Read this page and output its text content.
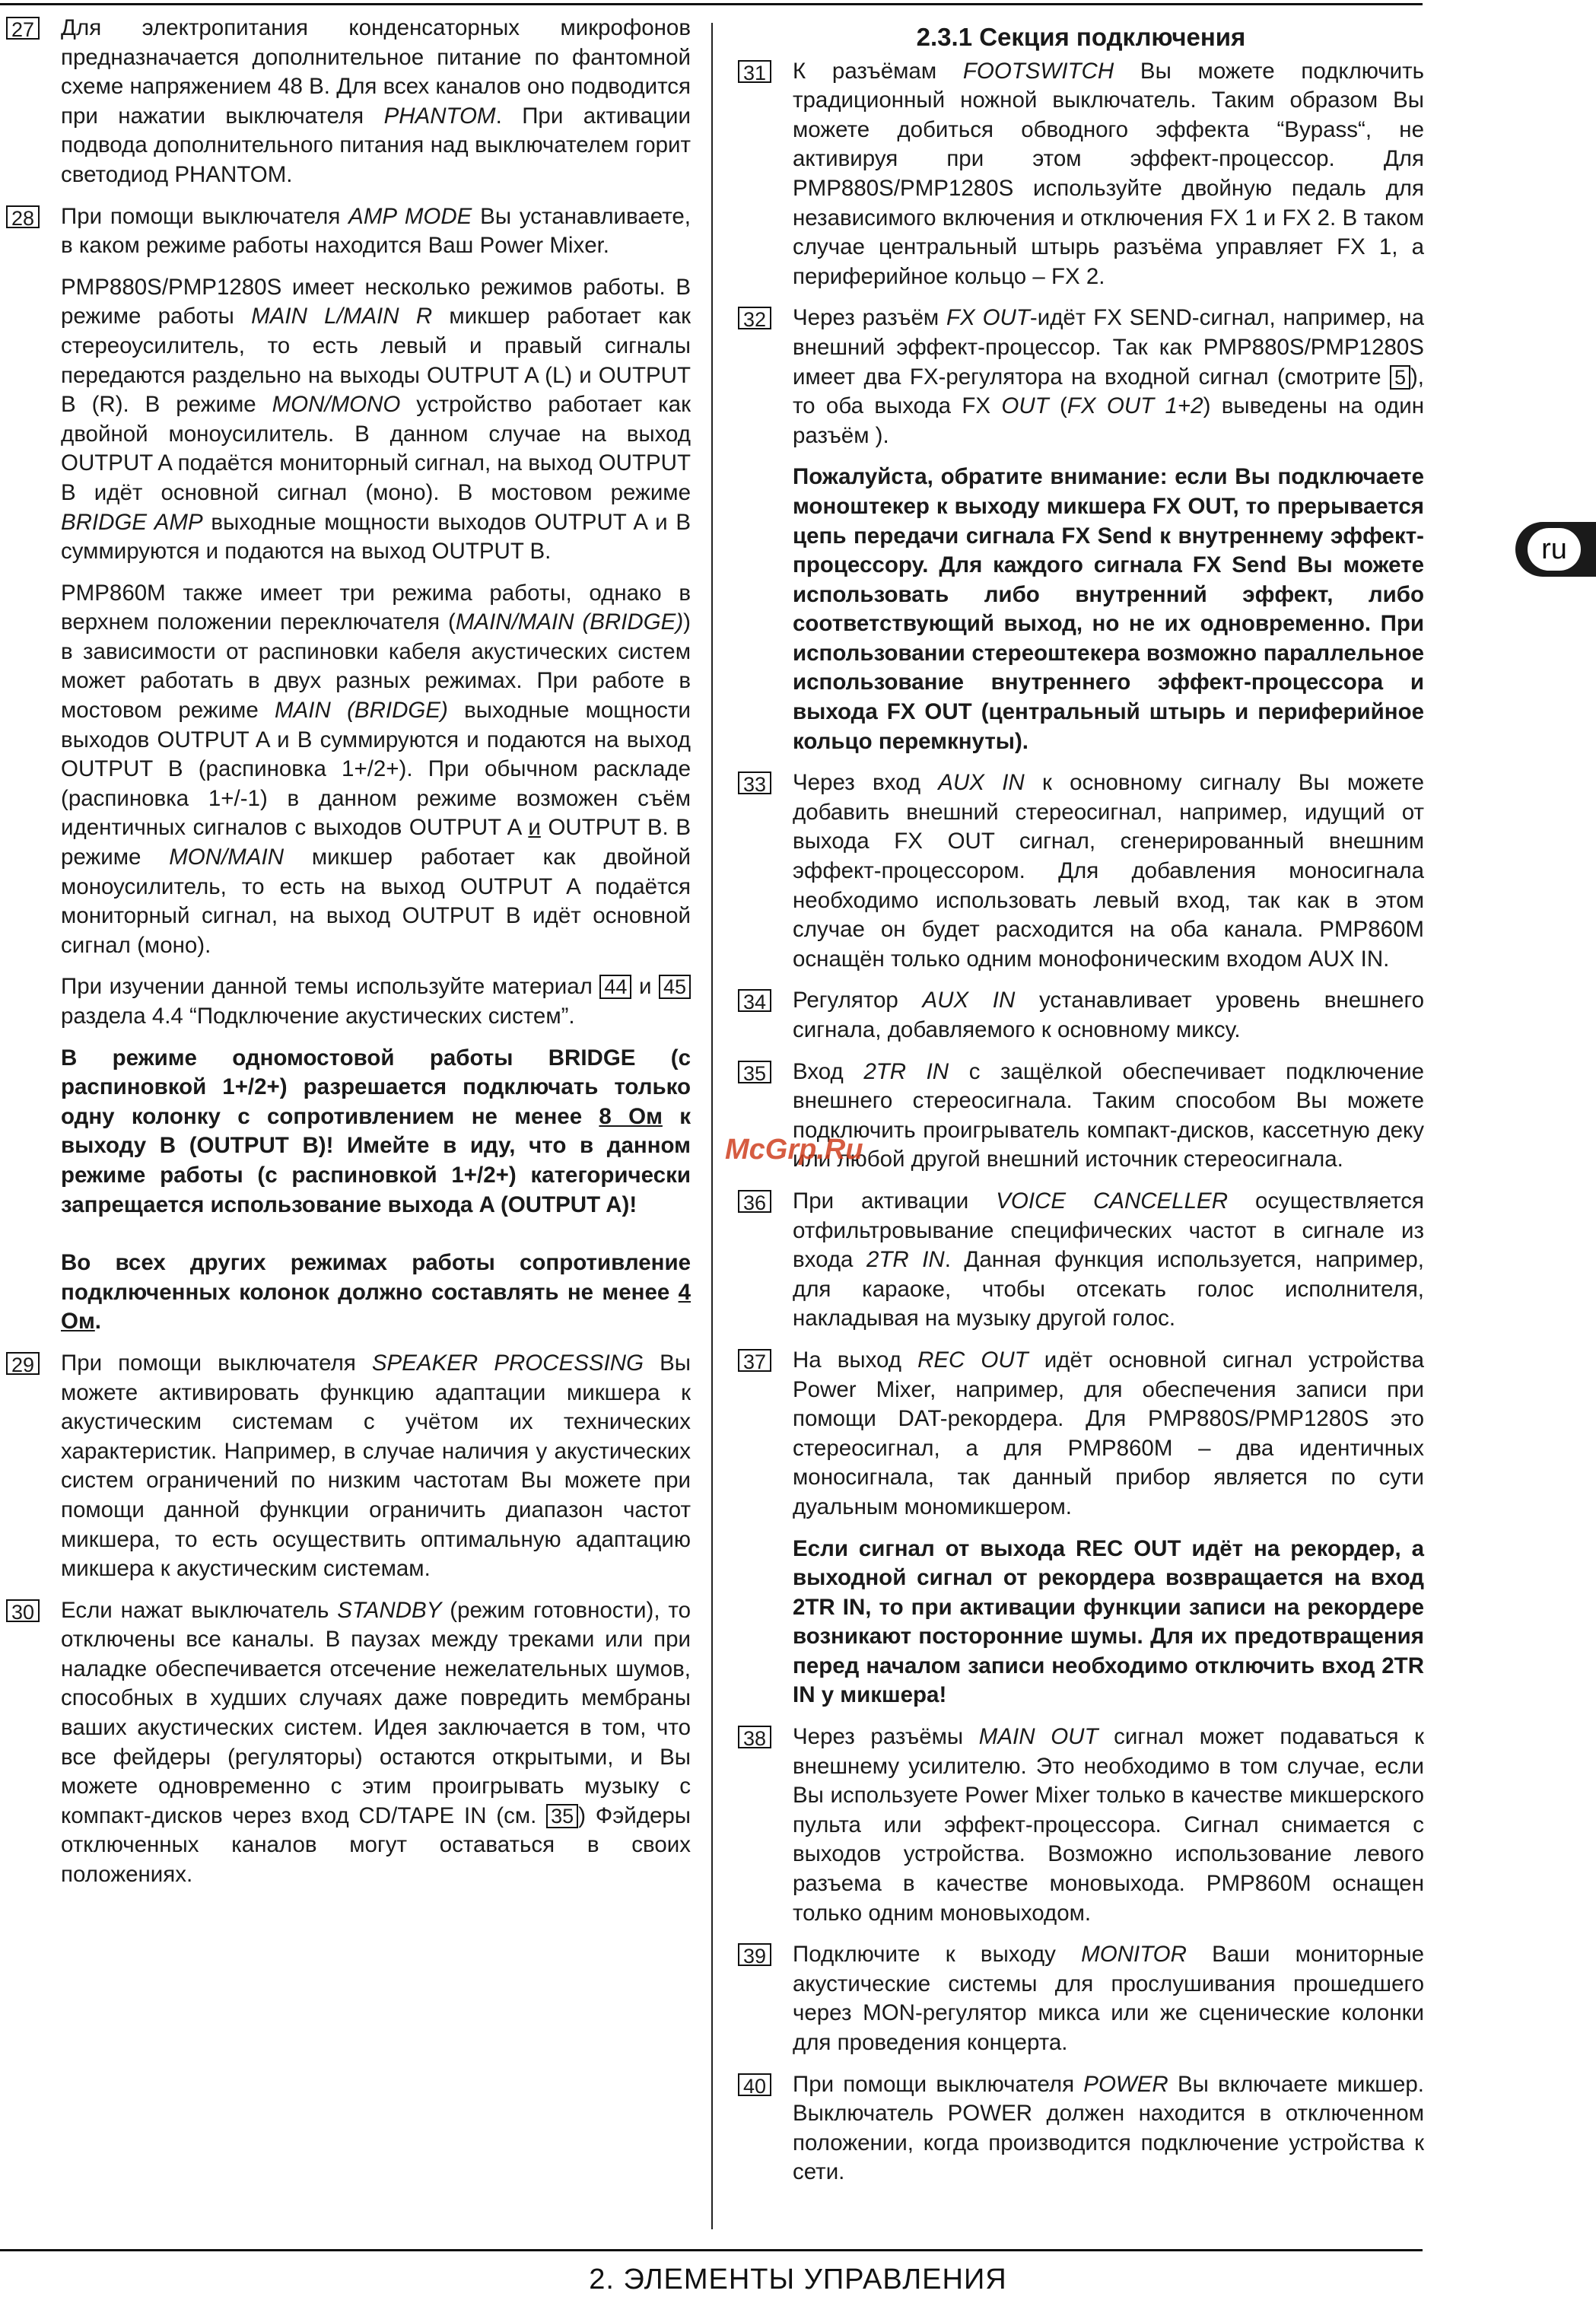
ru
27 Для электропитания конденсаторных микрофонов предназначается дополнительное питание по фантомной схеме напряжением 48 В. Для всех каналов оно подводится при нажатии выключателя PHANTOM. При активации подвода дополнительного питания над выключателем горит светодиод PHANTOM.
28 При помощи выключателя AMP MODE Вы устанавливаете, в каком режиме работы находится Ваш Power Mixer.

PMP880S/PMP1280S имеет несколько режимов работы. В режиме работы MAIN L/MAIN R микшер работает как стереоусилитель, то есть левый и правый сигналы передаются раздельно на выходы OUTPUT A (L) и OUTPUT B (R). В режиме MON/MONO устройство работает как двойной моноусилитель. В данном случае на выход OUTPUT A подаётся мониторный сигнал, на выход OUTPUT B идёт основной сигнал (моно). В мостовом режиме BRIDGE AMP выходные мощности выходов OUTPUT A и B суммируются и подаются на выход OUTPUT B.

PMP860M также имеет три режима работы, однако в верхнем положении переключателя (MAIN/MAIN (BRIDGE)) в зависимости от распиновки кабеля акустических систем может работать в двух разных режимах. При работе в мостовом режиме MAIN (BRIDGE) выходные мощности выходов OUTPUT A и B суммируются и подаются на выход OUTPUT B (распиновка 1+/2+). При обычном раскладе (распиновка 1+/-1) в данном режиме возможен съём идентичных сигналов с выходов OUTPUT A и OUTPUT B. В режиме MON/MAIN микшер работает как двойной моноусилитель, то есть на выход OUTPUT A подаётся мониторный сигнал, на выход OUTPUT B идёт основной сигнал (моно).

При изучении данной темы используйте материал 44 и 45 раздела 4.4 “Подключение акустических систем”.

В режиме одномостовой работы BRIDGE (с распиновкой 1+/2+) разрешается подключать только одну колонку с сопротивлением не менее 8 Ом к выходу B (OUTPUT B)! Имейте в иду, что в данном режиме работы (с распиновкой 1+/2+) категорически запрещается использование выхода A (OUTPUT A)!

Во всех других режимах работы сопротивление подключенных колонок должно составлять не менее 4 Ом.

29 При помощи выключателя SPEAKER PROCESSING Вы можете активировать функцию адаптации микшера к акустическим системам с учётом их технических характеристик. Например, в случае наличия у акустических систем ограничений по низким частотам Вы можете при помощи данной функции ограничить диапазон частот микшера, то есть осуществить оптимальную адаптацию микшера к акустическим системам.
30 Если нажат выключатель STANDBY (режим готовности), то отключены все каналы. В паузах между треками или при наладке обеспечивается отсечение нежелательных шумов, способных в худших случаях даже повредить мембраны ваших акустических систем. Идея заключается в том, что все фейдеры (регуляторы) остаются открытыми, и Вы можете одновременно с этим проигрывать музыку с компакт-дисков через вход CD/TAPE IN (см. 35 ) Фэйдеры отключенных каналов могут оставаться в своих положениях.
2.3.1 Секция подключения
31 К разъёмам FOOTSWITCH Вы можете подключить традиционный ножной выключатель. Таким образом Вы можете добиться обводного эффекта “Bypass“, не активируя при этом эффект-процессор. Для PMP880S/PMP1280S используйте двойную педаль для независимого включения и отключения FX 1 и FX 2. В таком случае центральный штырь разъёма управляет FX 1, а периферийное кольцо – FX 2.
32 Через разъём FX OUT-идёт FX SEND-сигнал, например, на внешний эффект-процессор. Так как PMP880S/PMP1280S имеет два FX-регулятора на входной сигнал (смотрите 5 ), то оба выхода FX OUT (FX OUT 1+2) выведены на один разъём ).

Пожалуйста, обратите внимание: если Вы подключаете моноштекер к выходу микшера FX OUT, то прерывается цепь передачи сигнала FX Send к внутреннему эффект-процессору. Для каждого сигнала FX Send Вы можете использовать либо внутренний эффект, либо соответствующий выход, но не их одновременно. При использовании стереоштекера возможно параллельное использование внутреннего эффект-процессора и выхода FX OUT (центральный штырь и периферийное кольцо перемкнуты).

33 Через вход AUX IN к основному сигналу Вы можете добавить внешний стереосигнал, например, идущий от выхода FX OUT сигнал, сгенерированный внешним эффект-процессором. Для добавления моносигнала необходимо использовать левый вход, так как в этом случае он будет расходится на оба канала. PMP860M оснащён только одним монофоническим входом AUX IN.
34 Регулятор AUX IN устанавливает уровень внешнего сигнала, добавляемого к основному миксу.
35 Вход 2TR IN с защёлкой обеспечивает подключение внешнего стереосигнала. Таким способом Вы можете подключить проигрыватель компакт-дисков, кассетную деку или любой другой внешний источник стереосигнала.
36 При активации VOICE CANCELLER осуществляется отфильтровывание специфических частот в сигнале из входа 2TR IN. Данная функция используется, например, для караоке, чтобы отсекать голос исполнителя, накладывая на музыку другой голос.
37 На выход REC OUT идёт основной сигнал устройства Power Mixer, например, для обеспечения записи при помощи DAT-рекордера. Для PMP880S/PMP1280S это стереосигнал, а для PMP860M – два идентичных моносигнала, так данный прибор является по сути дуальным мономикшером.

Если сигнал от выхода REC OUT идёт на рекордер, а выходной сигнал от рекордера возвращается на вход 2TR IN, то при активации функции записи на рекордере возникают посторонние шумы. Для их предотвращения перед началом записи необходимо отключить вход 2TR IN у микшера!

38 Через разъёмы MAIN OUT сигнал может подаваться к внешнему усилителю. Это необходимо в том случае, если Вы используете Power Mixer только в качестве микшерского пульта или эффект-процессора. Сигнал снимается с выходов устройства. Возможно использование левого разъема в качестве моновыхода. PMP860M оснащен только одним моновыходом.
39 Подключите к выходу MONITOR Ваши мониторные акустические системы для прослушивания прошедшего через MON-регулятор микса или же сценические колонки для проведения концерта.
40 При помощи выключателя POWER Вы включаете микшер. Выключатель POWER должен находится в отключенном положении, когда производится подключение устройства к сети.
McGrp.Ru
2. ЭЛЕМЕНТЫ УПРАВЛЕНИЯ
